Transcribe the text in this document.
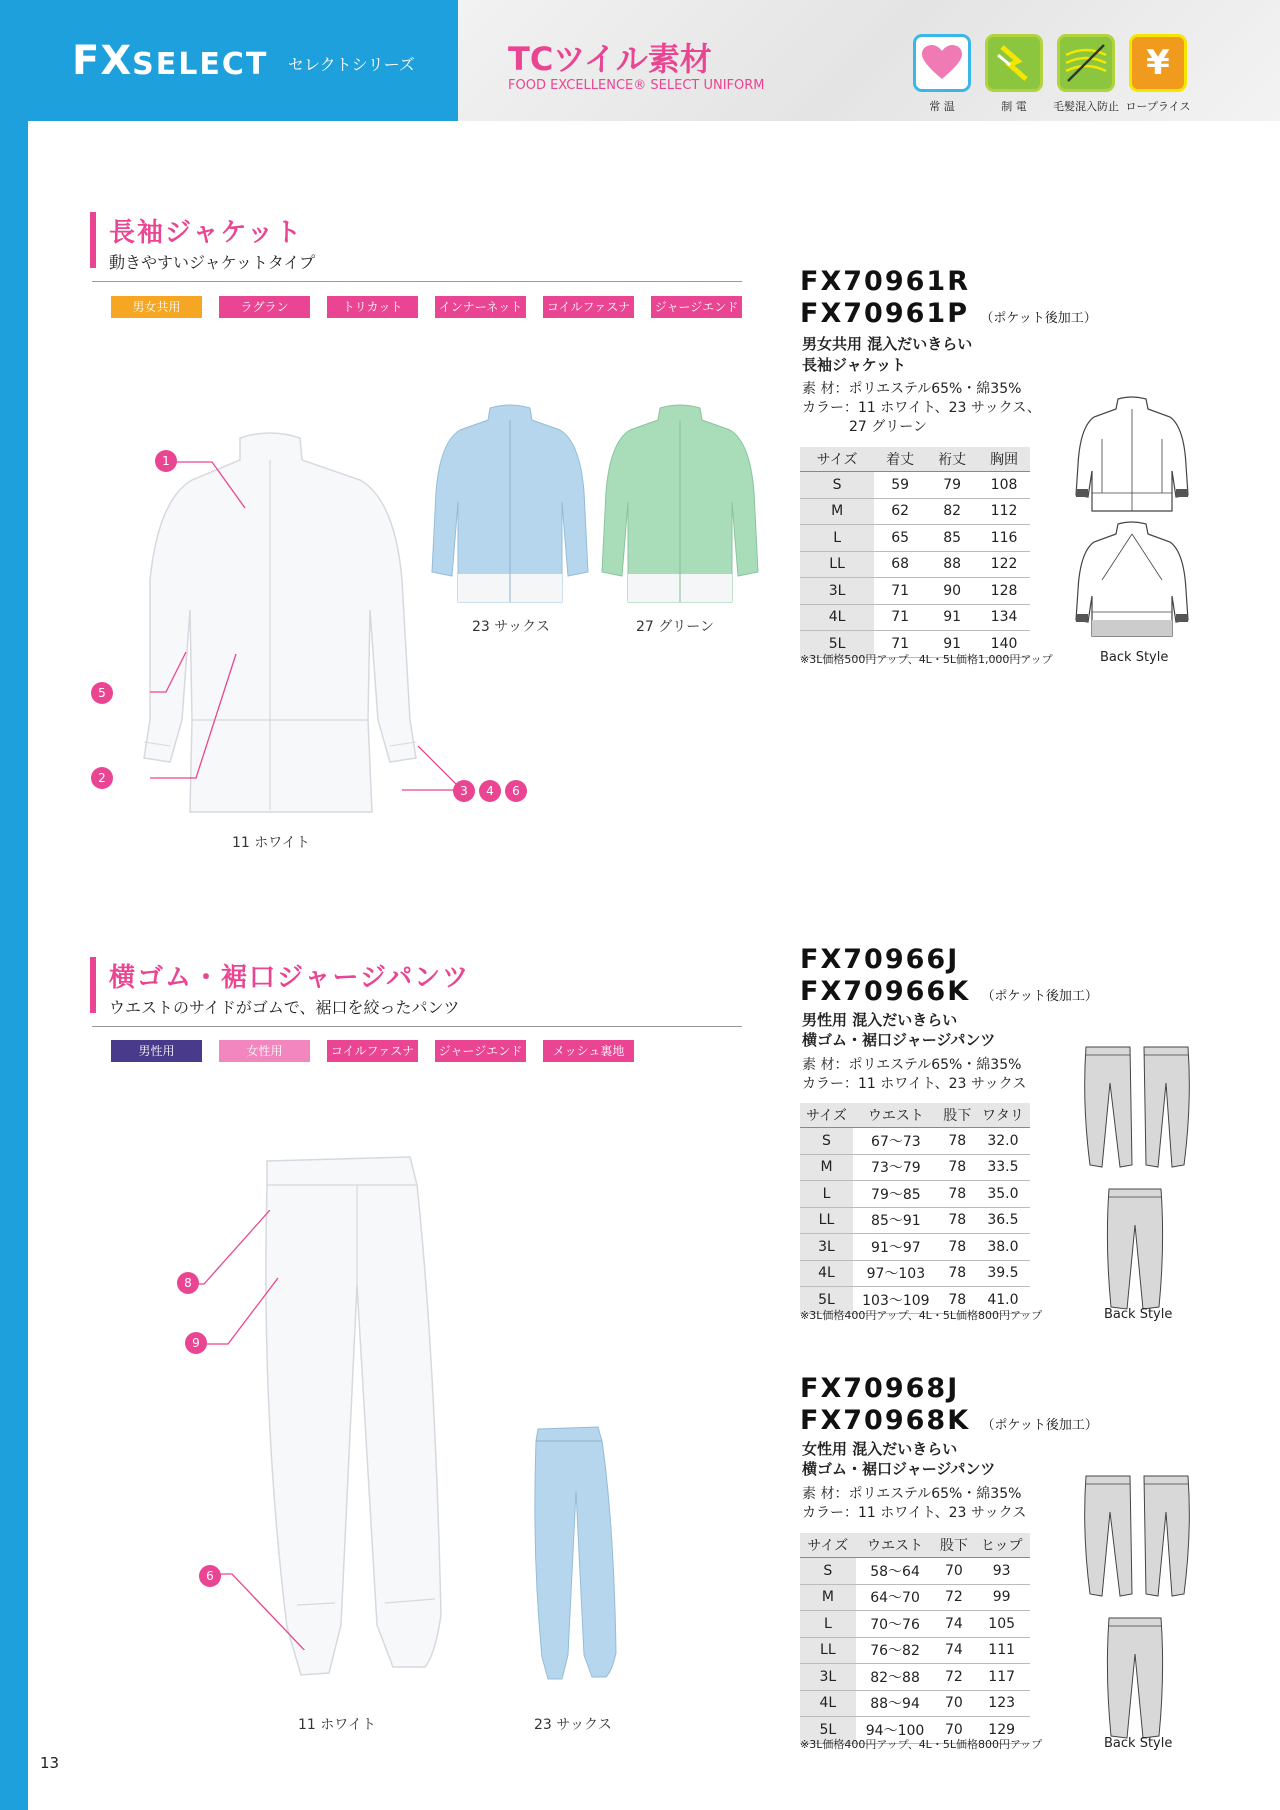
FXSELECT セレクトシリーズ	TCツイル素材
FOOD EXCELLENCE® SELECT UNIFORM
¥
常 温	制 電	毛髪混入防止 ロープライス
長袖ジャケット
動きやすいジャケットタイプ
男女共用	ラグラン	トリカット	インナーネット	コイルファスナー
ジャージエンド
1
5
2
3	4	6
11 ホワイト
23 サックス	27 グリーン
FX70961R
FX70961P （ポケット後加工）
男女共用 混入だいきらい
長袖ジャケット
素 材：ポリエステル65%・綿35%
カラー：11 ホワイト、23 サックス、
27 グリーン
サイズ	着丈	裄丈	胸囲
S	59	79	108
M	62	82	112
L	65	85	116
LL	68	88	122
3L	71	90	128
4L	71	91	134
5L	71	91	140
※3L価格500円アップ、4L・5L価格1,000円アップ	Back Style
横ゴム・裾口ジャージパンツ
ウエストのサイドがゴムで、裾口を絞ったパンツ
男性用	女性用	コイルファスナー
ジャージエンド	メッシュ裏地
8
9
6
11 ホワイト	23 サックス
FX70966J
FX70966K （ポケット後加工）
男性用 混入だいきらい
横ゴム・裾口ジャージパンツ
素 材：ポリエステル65%・綿35%
カラー：11 ホワイト、23 サックス
サイズ	ウエスト	股下	ワタリ
S	67～73	78	32.0
M	73～79	78	33.5
L	79～85	78	35.0
LL	85～91	78	36.5
3L	91～97	78	38.0
4L	97～103	78	39.5
5L	103～109	78	41.0
※3L価格400円アップ、4L・5L価格800円アップ	Back Style
FX70968J
FX70968K （ポケット後加工）
女性用 混入だいきらい
横ゴム・裾口ジャージパンツ
素 材：ポリエステル65%・綿35%
カラー：11 ホワイト、23 サックス
サイズ	ウエスト	股下	ヒップ
S	58～64	70	93
M	64～70	72	99
L	70～76	74	105
LL	76～82	74	111
3L	82～88	72	117
4L	88～94	70	123
5L	94～100	70	129
※3L価格400円アップ、4L・5L価格800円アップ	Back Style
13
